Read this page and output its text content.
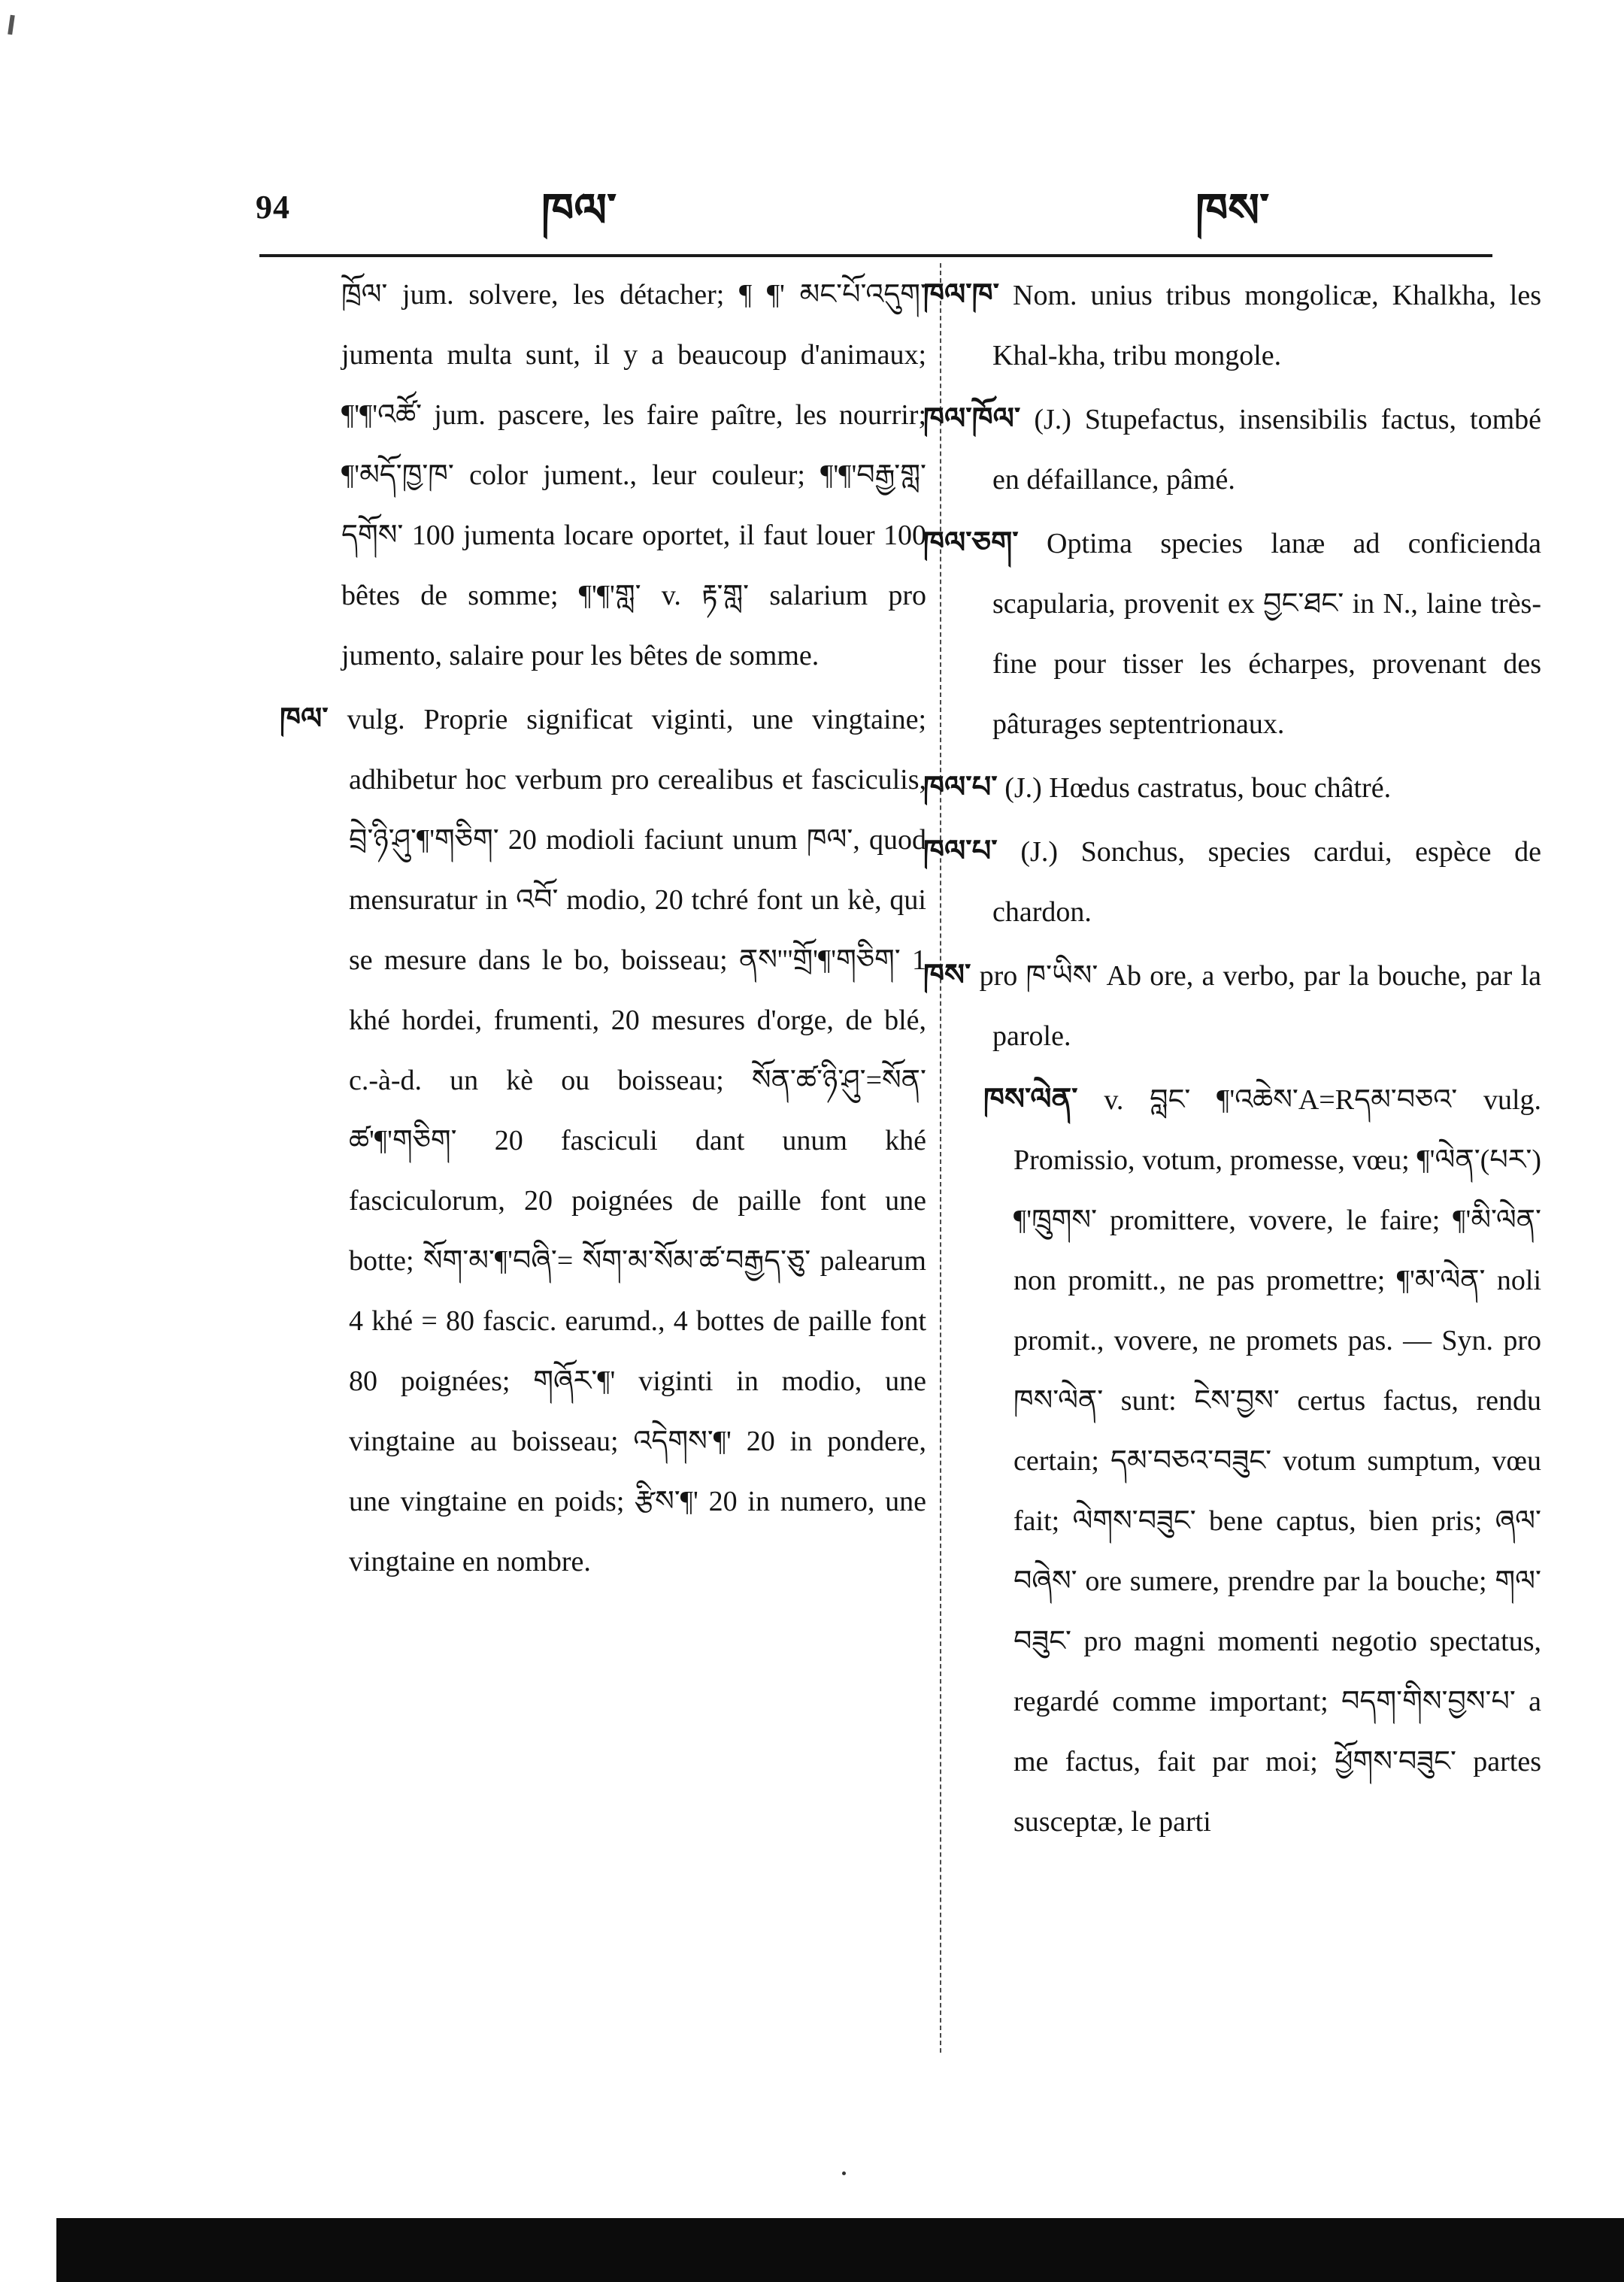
94	ཁལ་	ཁས་

ཁྲོལ་ jum. solvere, les détacher; ¶ ¶' མང་པོ་འདུག་ jumenta multa sunt, il y a beaucoup d'animaux; ¶'¶'འཚོ་ jum. pascere, les faire paître, les nourrir; ¶'མདོ་ཁྱ་ཁ་ color jument., leur couleur; ¶'¶'བརྒྱ་གླ་དགོས་ 100 jumenta locare oportet, il faut louer 100 bêtes de somme; ¶'¶'གླ་ v. རྟ་གླ་ salarium pro jumento, salaire pour les bêtes de somme.

ཁལ་ vulg. Proprie significat viginti, une vingtaine; adhibetur hoc verbum pro cerealibus et fasciculis, བྲེ་ཉི་ཤུ་¶'གཅིག་ 20 modioli faciunt unum ཁལ་, quod mensuratur in འབོ་ modio, 20 tchré font un kè, qui se mesure dans le bo, boisseau; ནས'''གྲོ'¶'གཅིག་ 1 khé hordei, frumenti, 20 mesures d'orge, de blé, c.-à-d. un kè ou boisseau; སོན་ཚ་ཉི་ཤུ་=སོན་ཚ'¶'གཅིག་ 20 fasciculi dant unum khé fasciculorum, 20 poignées de paille font une botte; སོག་མ་¶'བཞི་= སོག་མ་སོམ་ཚ་བརྒྱད་ཅུ་ palearum 4 khé = 80 fascic. earumd., 4 bottes de paille font 80 poignées; གཞོར་¶' viginti in modio, une vingtaine au boisseau; འདེགས་¶' 20 in pondere, une vingtaine en poids; རྩིས་¶' 20 in numero, une vingtaine en nombre.

ཁལ་ཁ་ Nom. unius tribus mongolicæ, Khalkha, les Khal-kha, tribu mongole.

ཁལ་ཁོལ་ (J.) Stupefactus, insensibilis factus, tombé en défaillance, pâmé.

ཁལ་ཅག་ Optima species lanæ ad conficienda scapularia, provenit ex བྱང་ཐང་ in N., laine très-fine pour tisser les écharpes, provenant des pâturages septentrionaux.

ཁལ་པ་ (J.) Hœdus castratus, bouc châtré.

ཁལ་པ་ (J.) Sonchus, species cardui, espèce de chardon.

ཁས་ pro ཁ་ཡིས་ Ab ore, a verbo, par la bouche, par la parole.

ཁས་ལེན་ v. བླང་ ¶'འཆེས་A=Rདམ་བཅའ་ vulg. Promissio, votum, promesse, vœu; ¶'ལེན་(པར་) ¶'ཁྲུགས་ promittere, vovere, le faire; ¶'མི་ལེན་ non promitt., ne pas promettre; ¶'མ་ལེན་ noli promit., vovere, ne promets pas. — Syn. pro ཁས་ལེན་ sunt: ངེས་བྱས་ certus factus, rendu certain; དམ་བཅའ་བཟུང་ votum sumptum, vœu fait; ལེགས་བཟུང་ bene captus, bien pris; ཞལ་བཞེས་ ore sumere, prendre par la bouche; གལ་བཟུང་ pro magni momenti negotio spectatus, regardé comme important; བདག་གིས་བྱས་པ་ a me factus, fait par moi; ཕྱོགས་བཟུང་ partes susceptæ, le parti
